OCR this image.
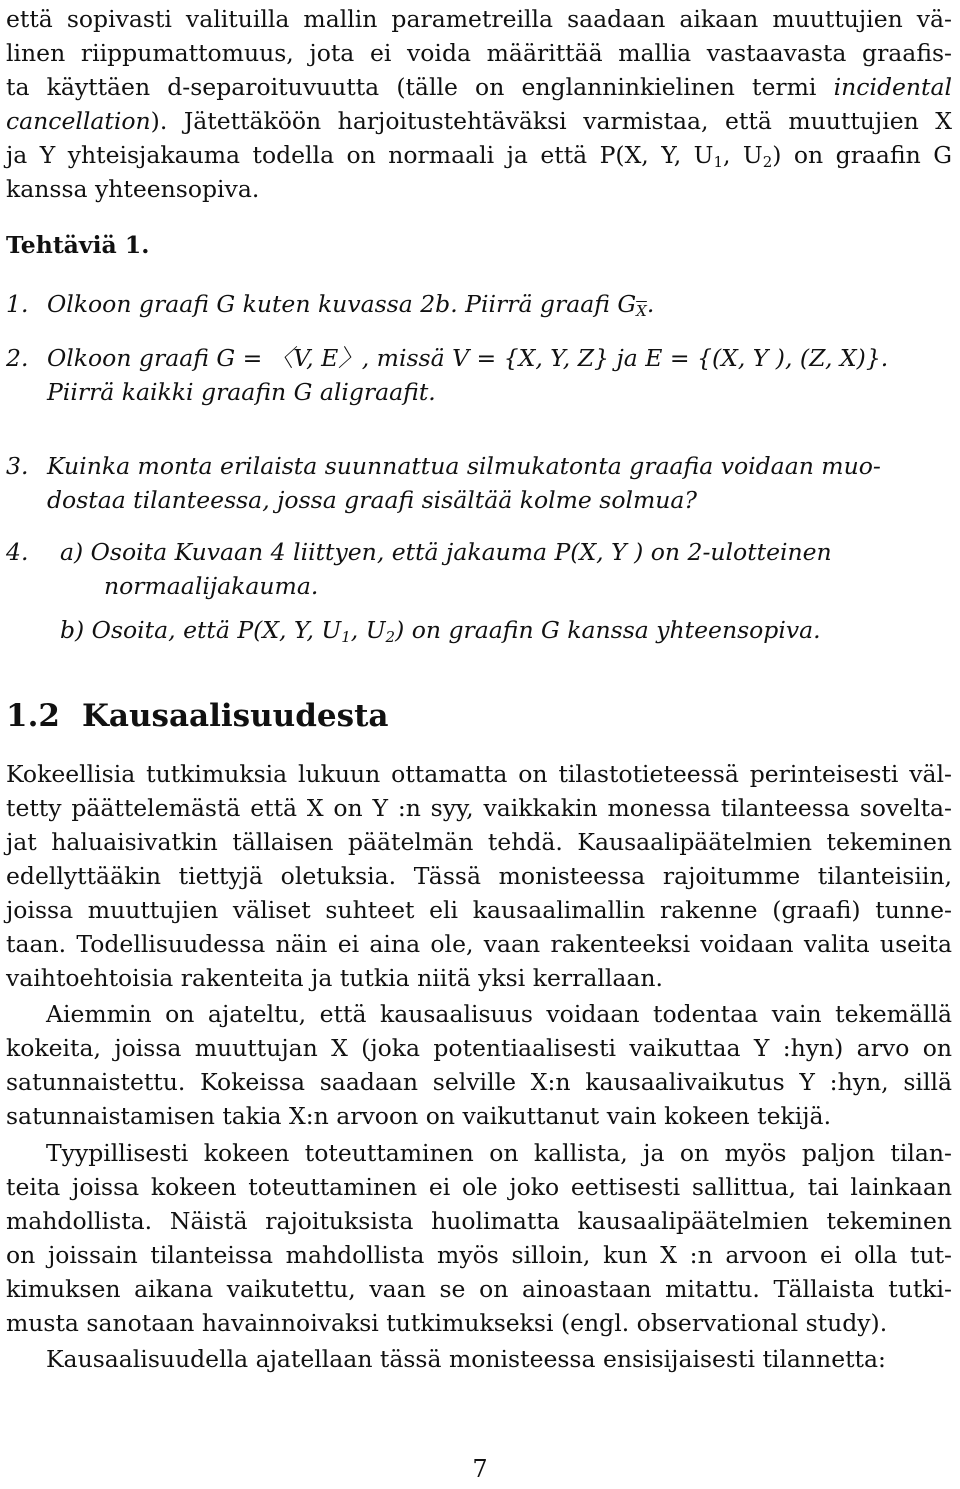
että sopivasti valituilla mallin parametreilla saadaan aikaan muuttujien vä-
linen riippumattomuus, jota ei voida määrittää mallia vastaavasta graafis-
ta käyttäen d-separoituvuutta (tälle on englanninkielinen termi incidental
cancellation). Jätettäköön harjoitustehtäväksi varmistaa, että muuttujien X
ja Y yhteisjakauma todella on normaali ja että P(X, Y, $U_1$, $U_2$) on graafin G
kanssa yhteensopiva.
Tehtäviä 1.
1. Olkoon graafi G kuten kuvassa 2b. Piirrä graafi $G_{\overline{X}}$.
2. Olkoon graafi G = 〈V, E〉, missä V = {X, Y, Z} ja E = {(X, Y ), (Z, X)}.
Piirrä kaikki graafin G aligraafit.
3. Kuinka monta erilaista suunnattua silmukatonta graafia voidaan muo-
dostaa tilanteessa, jossa graafi sisältää kolme solmua?
4. a) Osoita Kuvaan 4 liittyen, että jakauma P(X, Y ) on 2-ulotteinen
normaalijakauma.
b) Osoita, että P(X, Y, $U_1$, $U_2$) on graafin G kanssa yhteensopiva.
1.2 Kausaalisuudesta
Kokeellisia tutkimuksia lukuun ottamatta on tilastotieteessä perinteisesti väl-
tetty päättelemästä että X on Y :n syy, vaikkakin monessa tilanteessa sovelta-
jat haluaisivatkin tällaisen päätelmän tehdä. Kausaalipäätelmien tekeminen
edellyttääkin tiettyjä oletuksia. Tässä monisteessa rajoitumme tilanteisiin,
joissa muuttujien väliset suhteet eli kausaalimallin rakenne (graafi) tunne-
taan. Todellisuudessa näin ei aina ole, vaan rakenteeksi voidaan valita useita
vaihtoehtoisia rakenteita ja tutkia niitä yksi kerrallaan.
Aiemmin on ajateltu, että kausaalisuus voidaan todentaa vain tekemällä
kokeita, joissa muuttujan X (joka potentiaalisesti vaikuttaa Y :hyn) arvo on
satunnaistettu. Kokeissa saadaan selville X:n kausaalivaikutus Y :hyn, sillä
satunnaistamisen takia X:n arvoon on vaikuttanut vain kokeen tekijä.
Tyypillisesti kokeen toteuttaminen on kallista, ja on myös paljon tilan-
teita joissa kokeen toteuttaminen ei ole joko eettisesti sallittua, tai lainkaan
mahdollista. Näistä rajoituksista huolimatta kausaalipäätelmien tekeminen
on joissain tilanteissa mahdollista myös silloin, kun X :n arvoon ei olla tut-
kimuksen aikana vaikutettu, vaan se on ainoastaan mitattu. Tällaista tutki-
musta sanotaan havainnoivaksi tutkimukseksi (engl. observational study).
Kausaalisuudella ajatellaan tässä monisteessa ensisijaisesti tilannetta:
7
